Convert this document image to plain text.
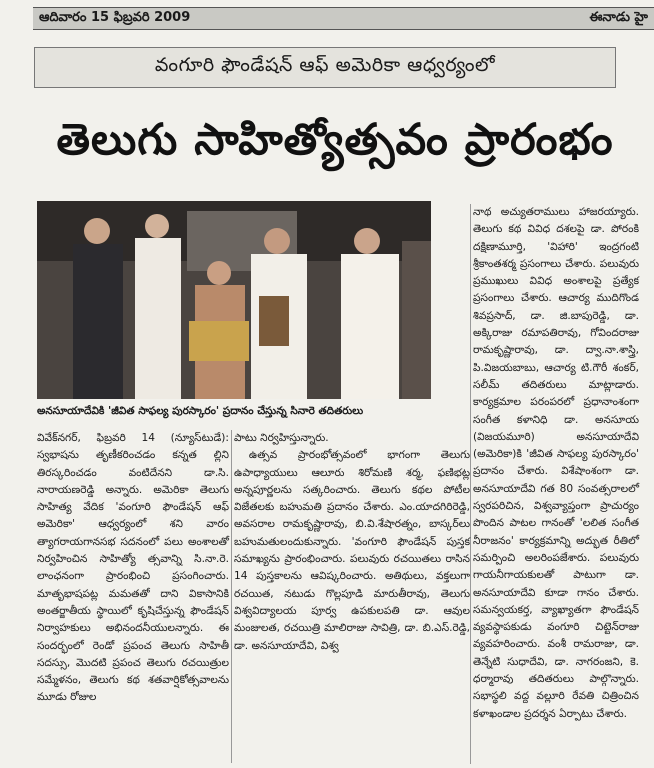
ఆదివారం 15 ఫిబ్రవరి 2009	ఈనాడు హై
వంగూరి ఫౌండేషన్ ఆఫ్ అమెరికా ఆధ్వర్యంలో
తెలుగు సాహిత్యోత్సవం ప్రారంభం
అనసూయాదేవికి 'జీవిత సాఫల్య పురస్కారం' ప్రదానం చేస్తున్న సినారె తదితరులు

వివేక్‌నగర్, ఫిబ్రవరి 14 (న్యూస్‌టుడే): స్వభాషను తృణీకరించడం కన్నత ల్లిని తిరస్కరించడం వంటిదేనని డా.సి. నారాయణరెడ్డి అన్నారు. అమెరికా తెలుగు సాహిత్య వేదిక 'వంగూరి ఫౌండేషన్ ఆఫ్ అమెరికా' ఆధ్వర్యంలో శని వారం త్యాగరాయగానసభ సదనంలో పలు అంశాలతో నిర్వహించిన సాహిత్యో త్సవాన్ని సి.నా.రె. లాంఛనంగా ప్రారంభించి ప్రసంగించారు. మాతృభాషపట్ల మమతతో దాని వికాసానికి అంతర్జాతీయ స్థాయిలో కృషిచేస్తున్న ఫౌండేషన్ నిర్వాహకులు అభినందనీయులన్నారు. ఈ సందర్భంలో రెండో ప్రపంచ తెలుగు సాహితీ సదస్సు, మొదటి ప్రపంచ తెలుగు రచయిత్రుల సమ్మేళనం, తెలుగు కథ శతవార్షికోత్సవాలను మూడు రోజుల

పాటు నిర్వహిస్తున్నారు.

ఉత్సవ ప్రారంభోత్సవంలో భాగంగా తెలుగు ఉపాధ్యాయులు ఆలూరు శిరోమణి శర్మ, ఫణిభట్ల అన్నపూర్ణలను సత్కరించారు. తెలుగు కథల పోటీల విజేతలకు బహుమతి ప్రదానం చేశారు. ఎం.యాదగిరిరెడ్డి, అవసరాల రామకృష్ణారావు, బి.వి.శేషారత్నం, బాస్కర్‌లు బహుమతులందుకున్నారు. 'వంగూరి ఫౌండేషన్ పుస్తక సమాఖ్యను ప్రారంభించారు. పలువురు రచయితలు రాసిన 14 పుస్తకాలను ఆవిష్కరించారు. అతిథులు, వక్తలుగా రచయిత, నటుడు గొల్లపూడి మారుతీరావు, తెలుగు విశ్వవిద్యాలయ పూర్వ ఉపకులపతి డా. ఆవుల మంజులత, రచయిత్రి మాలిరాజు సావిత్రి, డా. బి.ఎస్.రెడ్డి, డా. అనసూయాదేవి, విశ్వ

నాథ అచ్యుతరాములు హాజరయ్యారు. తెలుగు కథ వివిధ దశలపై డా. పోరంకి దక్షిణామూర్తి, 'విహారి' ఇంద్రగంటి శ్రీకాంతశర్మ ప్రసంగాలు చేశారు. పలువురు ప్రముఖులు వివిధ అంశాలపై ప్రత్యేక ప్రసంగాలు చేశారు. ఆచార్య ముదిగొండ శివప్రసాద్, డా. జి.బాపురెడ్డి, డా. అక్కిరాజు రమాపతిరావు, గోవిందరాజు రామకృష్ణారావు, డా. ద్వా.నా.శాస్త్రి, పి.విజయబాబు, ఆచార్య టి.గౌరీ శంకర్, సలీమ్ తదితరులు మాట్లాడారు. కార్యక్రమాల పరంపరలో ప్రధానాంశంగా సంగీత కళానిధి డా. అనసూయ (విజయమూరి) అనసూయాదేవి (అమెరికా)కి 'జీవిత సాఫల్య పురస్కారం' ప్రదానం చేశారు. విశేషాంశంగా డా. అనసూయాదేవి గత 80 సంవత్సరాలలో స్వరపరిచిన, విశ్వవ్యాప్తంగా ప్రాచుర్యం పొందిన పాటల గానంతో 'లలిత సంగీత నీరాజనం' కార్యక్రమాన్ని అద్భుత రీతిలో సమర్పించి అలరింపజేశారు. పలువురు గాయనీగాయకులతో పాటుగా డా. అనసూయాదేవి కూడా గానం చేశారు. సమన్వయకర్త, వ్యాఖ్యాతగా ఫౌండేషన్ వ్యవస్థాపకుడు వంగూరి చిట్టెన్‌రాజు వ్యవహరించారు. వంశీ రామరాజు, డా. తెన్నేటి సుధాదేవి, డా. నాగరంజని, కె. ధర్మారావు తదితరులు పాల్గొన్నారు. సభాస్థలి వద్ద వల్లూరి రేవతి చిత్రించిన కళాఖండాల ప్రదర్శన ఏర్పాటు చేశారు.
